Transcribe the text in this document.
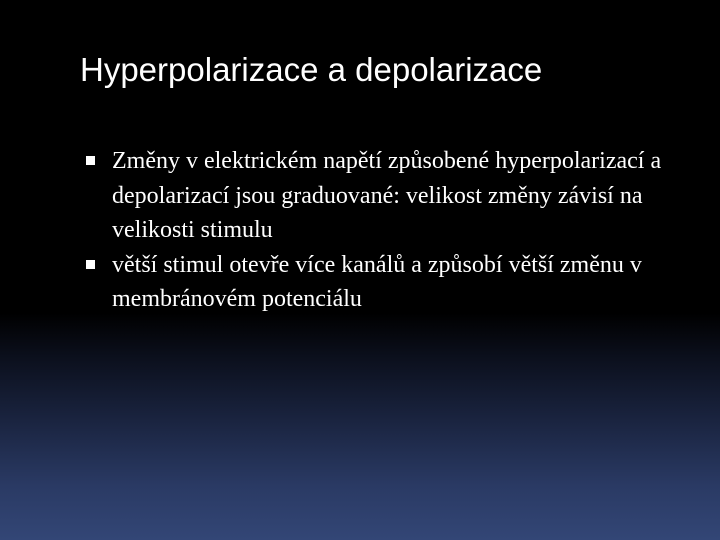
Hyperpolarizace a depolarizace
Změny v elektrickém napětí způsobené hyperpolarizací a depolarizací jsou graduované: velikost změny závisí na velikosti stimulu
větší stimul otevře více kanálů a způsobí větší změnu v membránovém potenciálu
